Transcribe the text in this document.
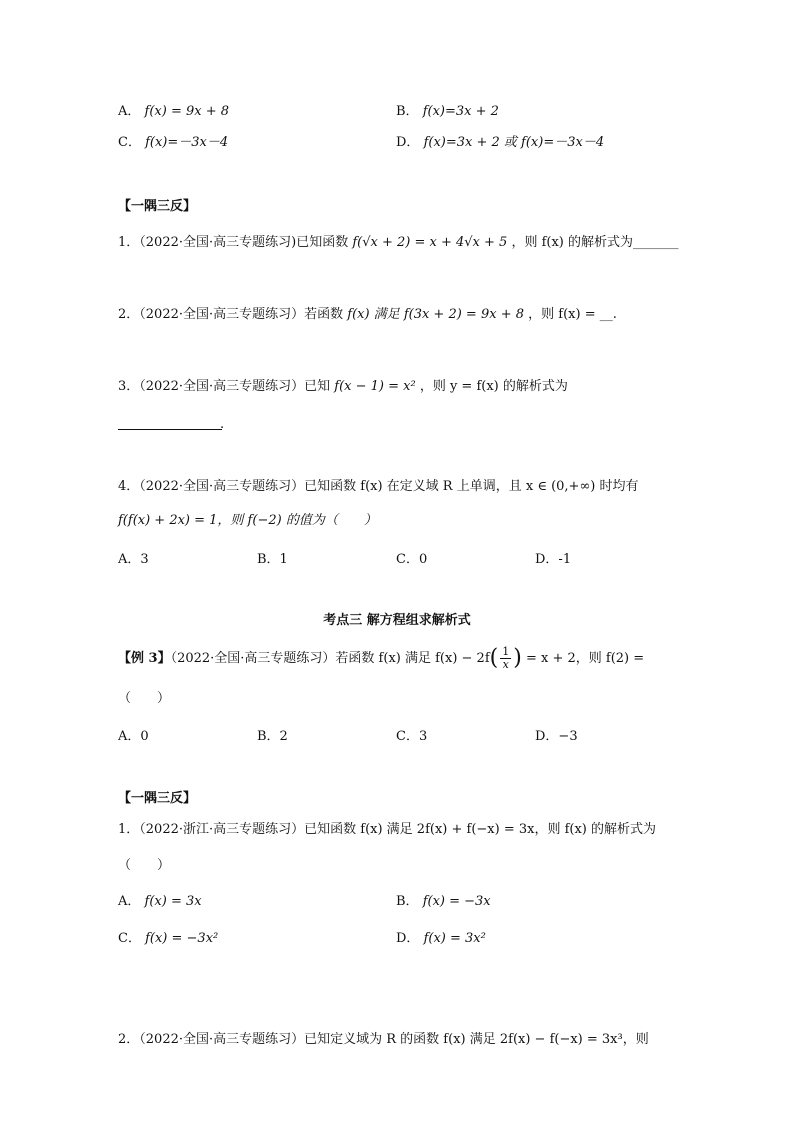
A． f(x) = 9x + 8	B． f(x)=3x + 2
C． f(x)=－3x－4	D． f(x)=3x + 2 或 f(x)=－3x－4
【一隅三反】
1．（2022·全国·高三专题练习)已知函数 f(√x + 2) = x + 4√x + 5 ，则 f(x) 的解析式为_______
2．（2022·全国·高三专题练习）若函数 f(x) 满足 f(3x + 2) = 9x + 8 ，则 f(x) = __.
3．（2022·全国·高三专题练习）已知 f(x − 1) = x² ，则 y = f(x) 的解析式为
.
4．（2022·全国·高三专题练习）已知函数 f(x) 在定义域 R 上单调，且 x ∈ (0,+∞) 时均有
f(f(x) + 2x) = 1，则 f(−2) 的值为（　　）
A．3	B．1	C．0	D．-1
考点三 解方程组求解析式
【例 3】（2022·全国·高三专题练习）若函数 f(x) 满足 $f(x) - 2f( \frac{1}{x}$ ) = x + 2，则 f(2) =
（　　）
A．0	B．2	C．3	D．−3
【一隅三反】
1．（2022·浙江·高三专题练习）已知函数 f(x) 满足 2f(x) + f(−x) = 3x，则 f(x) 的解析式为
（　　）
A． f(x) = 3x	B． f(x) = −3x
C． f(x) = −3x²	D． f(x) = 3x²
2．（2022·全国·高三专题练习）已知定义域为 R 的函数 f(x) 满足 2f(x) − f(−x) = 3x³，则
